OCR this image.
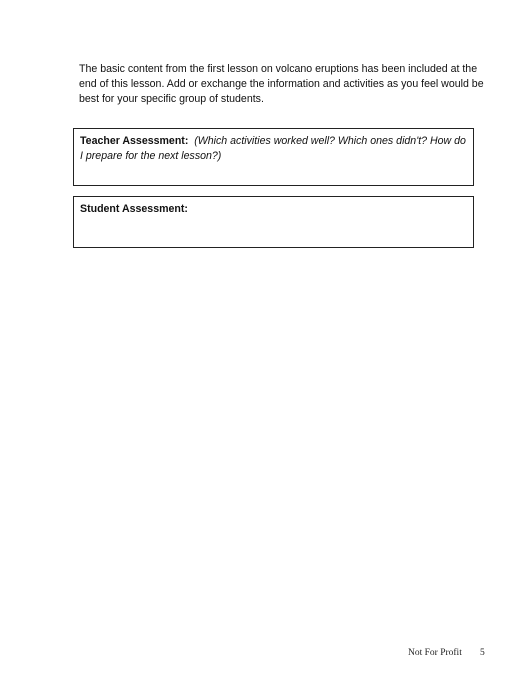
The basic content from the first lesson on volcano eruptions has been included at the end of this lesson. Add or exchange the information and activities as you feel would be best for your specific group of students.

Teacher Assessment: (Which activities worked well? Which ones didn't? How do I prepare for the next lesson?)
Student Assessment:
Not For Profit 5
